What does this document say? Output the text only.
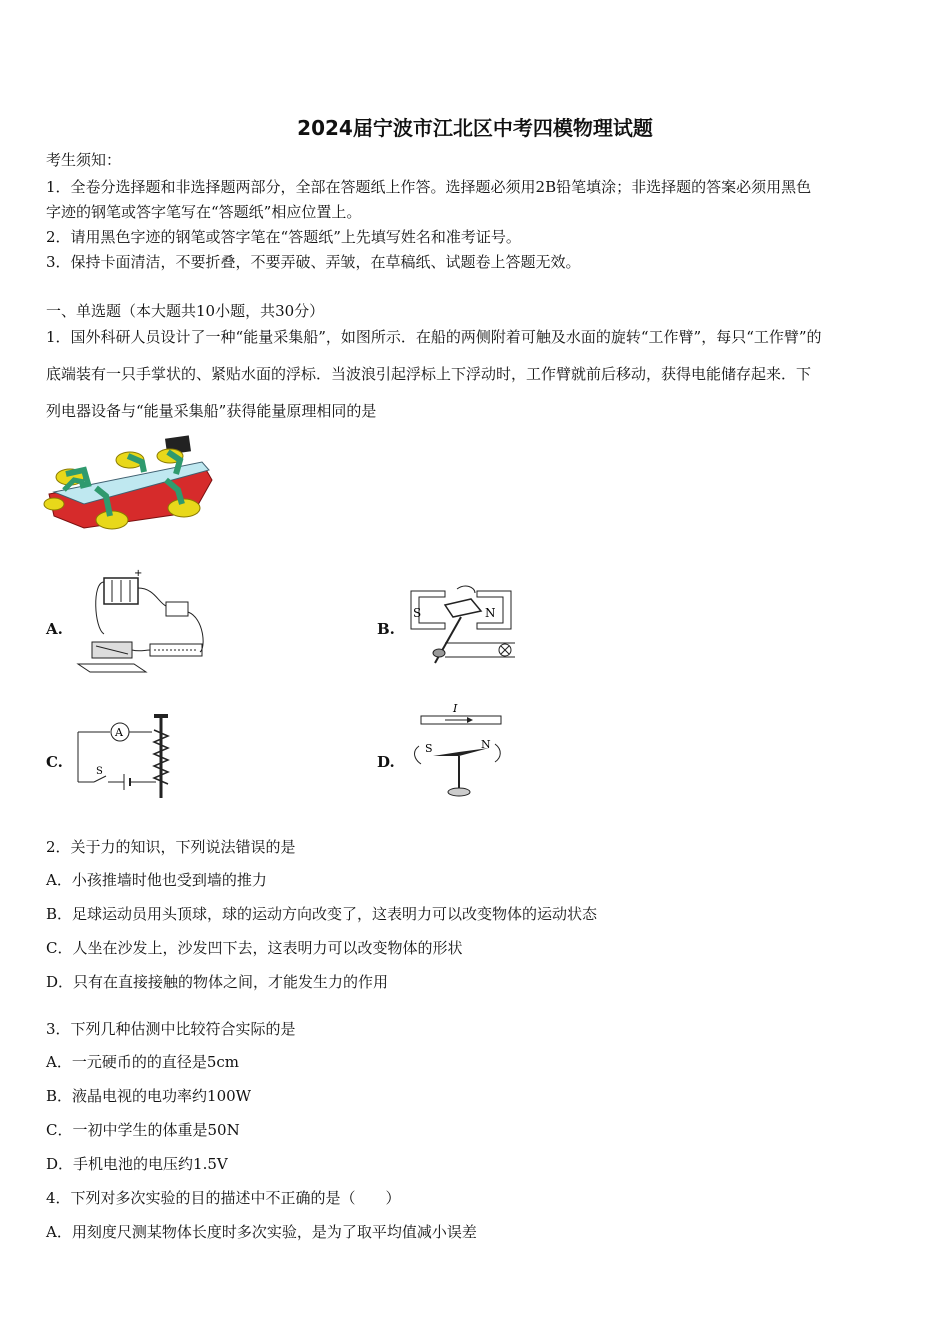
2024届宁波市江北区中考四模物理试题
考生须知：
1．全卷分选择题和非选择题两部分，全部在答题纸上作答。选择题必须用2B铅笔填涂；非选择题的答案必须用黑色
字迹的钢笔或答字笔写在“答题纸”相应位置上。
2．请用黑色字迹的钢笔或答字笔在“答题纸”上先填写姓名和准考证号。
3．保持卡面清洁，不要折叠，不要弄破、弄皱，在草稿纸、试题卷上答题无效。
一、单选题（本大题共10小题，共30分）
1．国外科研人员设计了一种“能量采集船”，如图所示．在船的两侧附着可触及水面的旋转“工作臂”，每只“工作臂”的
底端装有一只手掌状的、紧贴水面的浮标．当波浪引起浮标上下浮动时，工作臂就前后移动，获得电能储存起来．下
列电器设备与“能量采集船”获得能量原理相同的是
A.
+
B.
S	N
C.
A
S
D.
I
S	N
2．关于力的知识，下列说法错误的是
A．小孩推墙时他也受到墙的推力
B．足球运动员用头顶球，球的运动方向改变了，这表明力可以改变物体的运动状态
C．人坐在沙发上，沙发凹下去，这表明力可以改变物体的形状
D．只有在直接接触的物体之间，才能发生力的作用
3．下列几种估测中比较符合实际的是
A．一元硬币的的直径是5cm
B．液晶电视的电功率约100W
C．一初中学生的体重是50N
D．手机电池的电压约1.5V
4．下列对多次实验的目的描述中不正确的是（　　）
A．用刻度尺测某物体长度时多次实验，是为了取平均值减小误差
